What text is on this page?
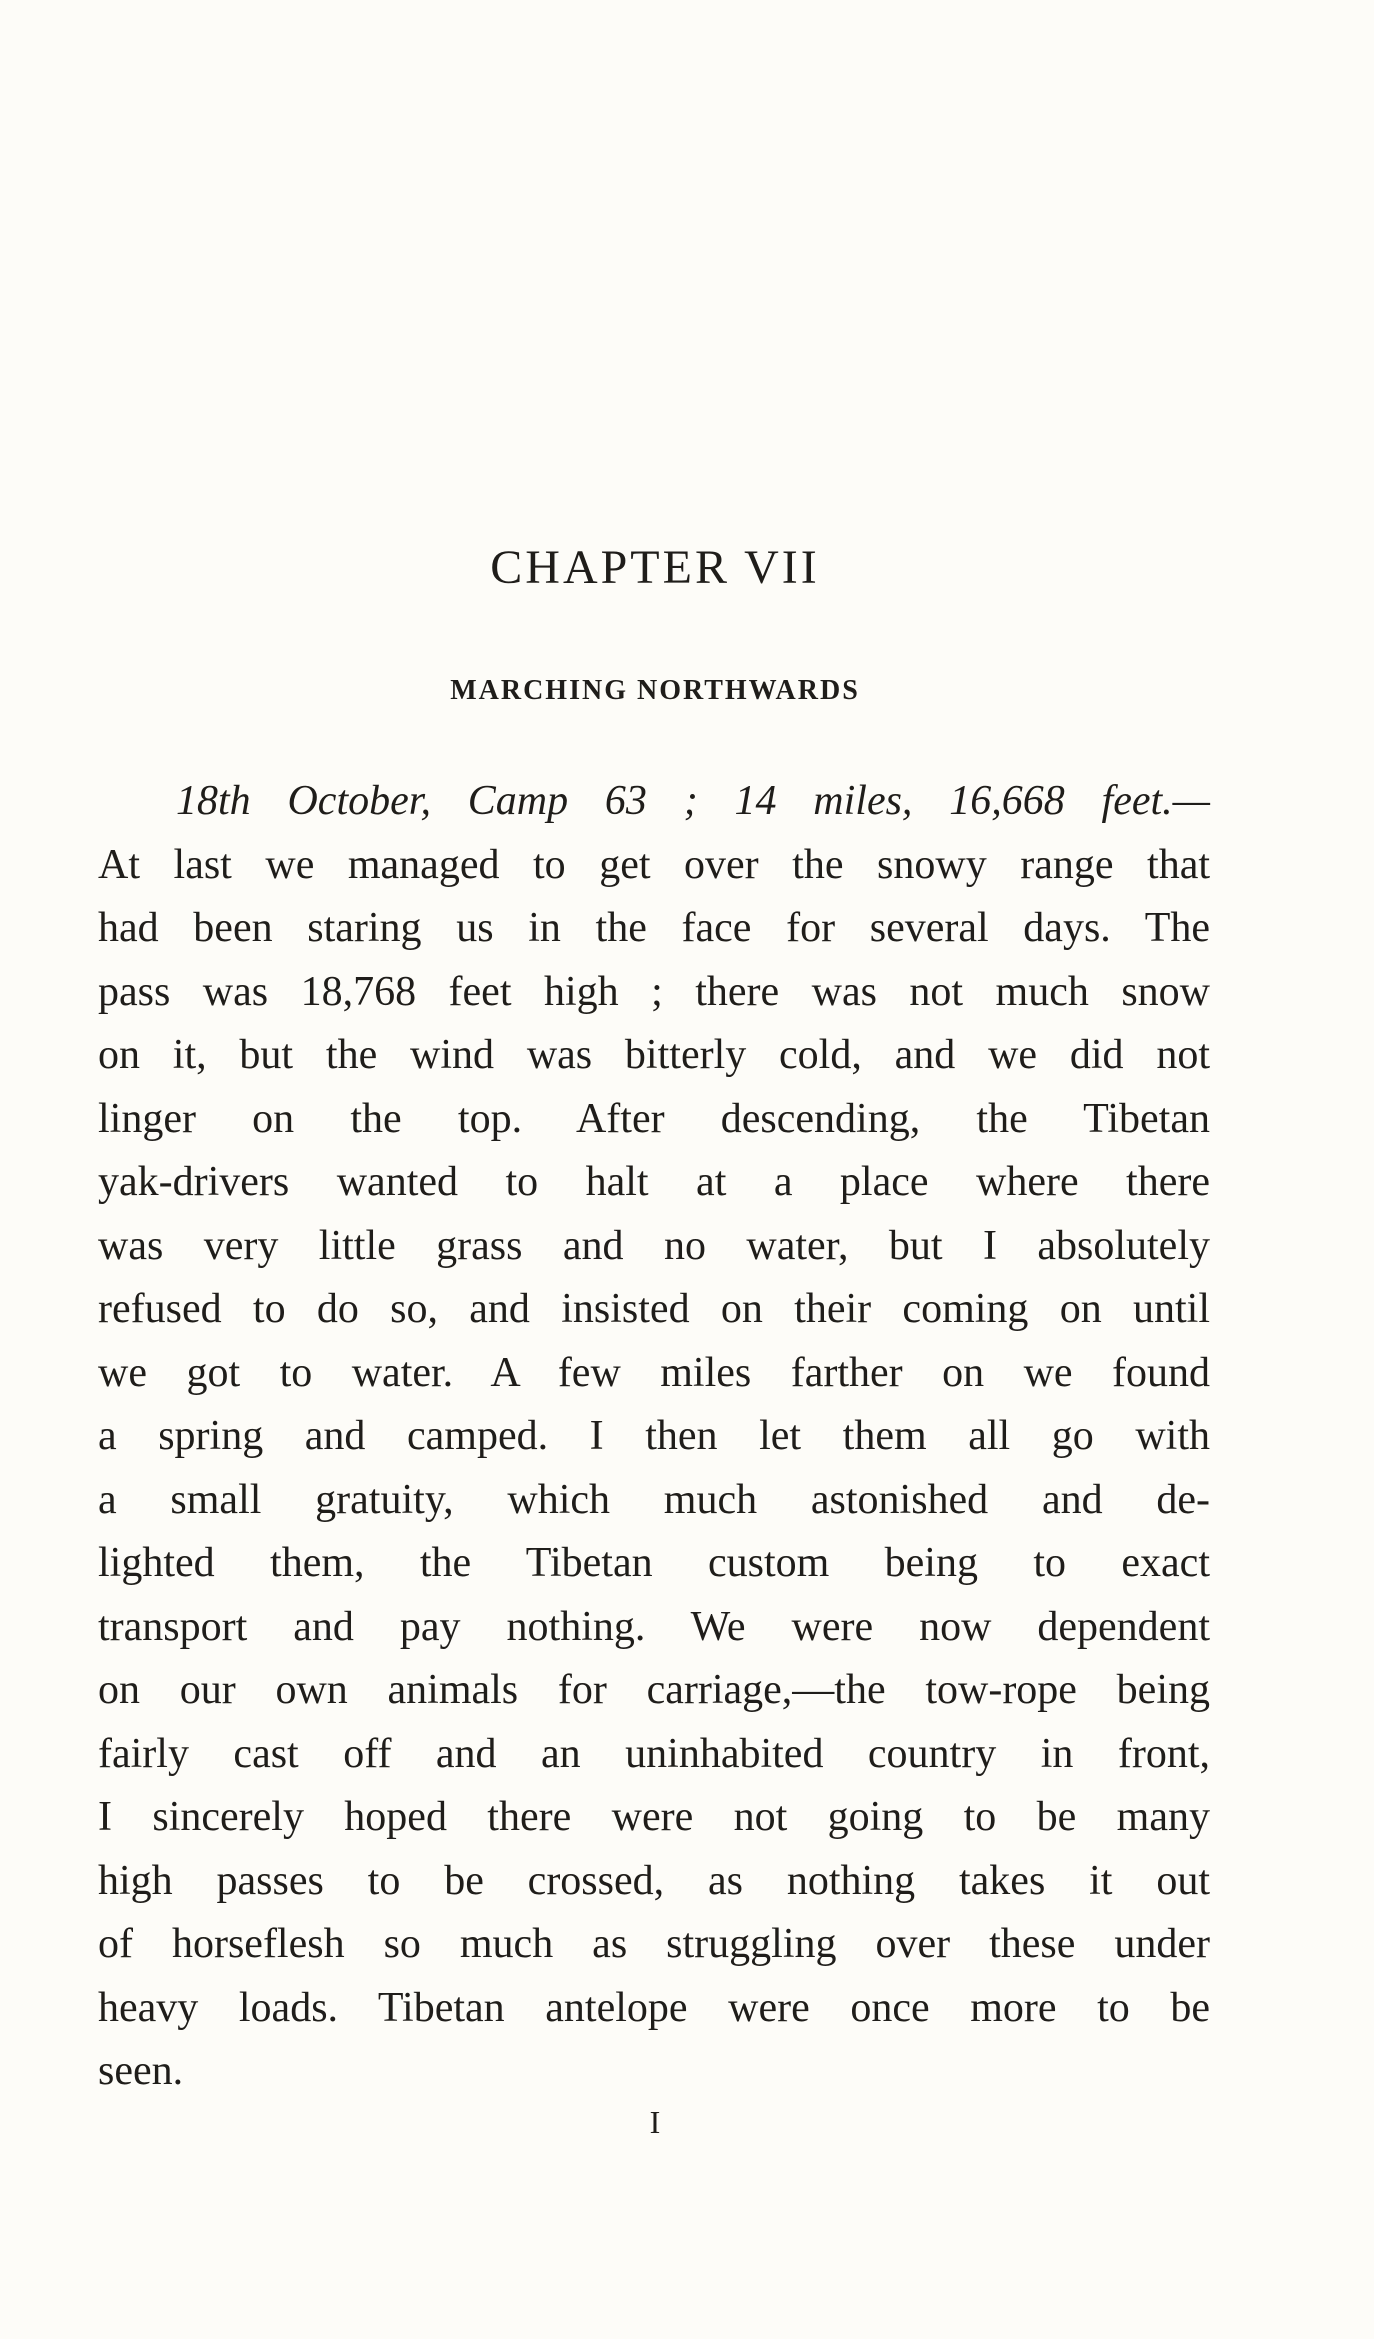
CHAPTER VII
MARCHING NORTHWARDS
18th October, Camp 63 ; 14 miles, 16,668 feet.—
At last we managed to get over the snowy range that
had been staring us in the face for several days. The
pass was 18,768 feet high ; there was not much snow
on it, but the wind was bitterly cold, and we did not
linger on the top. After descending, the Tibetan
yak-drivers wanted to halt at a place where there
was very little grass and no water, but I absolutely
refused to do so, and insisted on their coming on until
we got to water. A few miles farther on we found
a spring and camped. I then let them all go with
a small gratuity, which much astonished and de-
lighted them, the Tibetan custom being to exact
transport and pay nothing. We were now dependent
on our own animals for carriage,—the tow-rope being
fairly cast off and an uninhabited country in front,
I sincerely hoped there were not going to be many
high passes to be crossed, as nothing takes it out
of horseflesh so much as struggling over these under
heavy loads. Tibetan antelope were once more to be
seen.
I
